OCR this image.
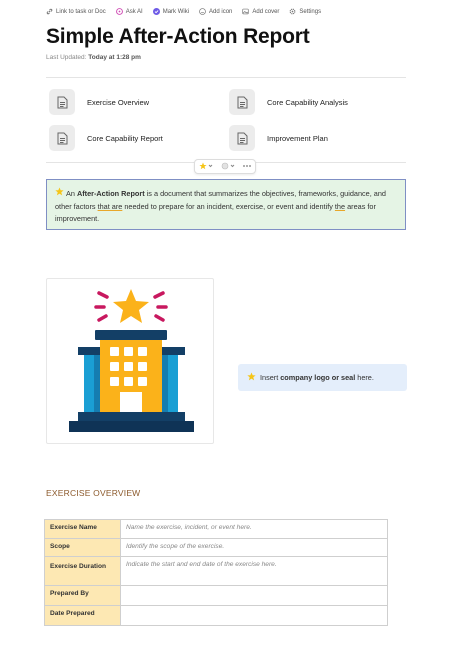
Link to task or Doc	Ask AI	Mark Wiki	Add icon	Add cover	Settings
Simple After-Action Report
Last Updated: Today at 1:28 pm
Exercise Overview	Core Capability Analysis
Core Capability Report	Improvement Plan
An After-Action Report is a document that summarizes the objectives, frameworks, guidance, and other factors that are needed to prepare for an incident, exercise, or event and identify the areas for improvement.
Insert company logo or seal here.
EXERCISE OVERVIEW
Exercise Name	Name the exercise, incident, or event here.
Scope	Identify the scope of the exercise.
Exercise Duration	Indicate the start and end date of the exercise here.
Prepared By	
Date Prepared	
